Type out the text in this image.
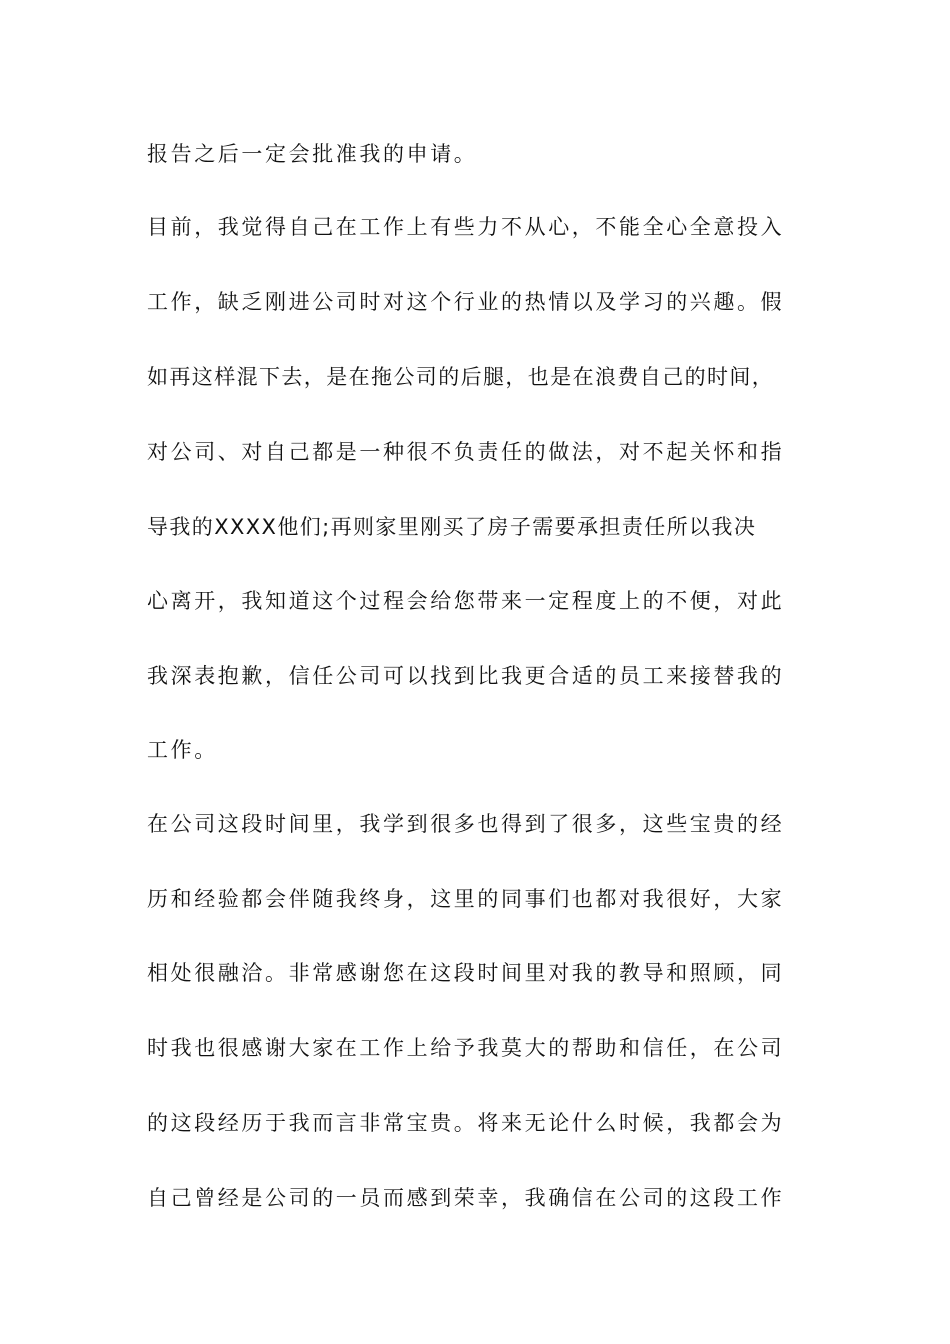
报告之后一定会批准我的申请。
目前，我觉得自己在工作上有些力不从心，不能全心全意投入
工作，缺乏刚进公司时对这个行业的热情以及学习的兴趣。假
如再这样混下去，是在拖公司的后腿，也是在浪费自己的时间，
对公司、对自己都是一种很不负责任的做法，对不起关怀和指
导我的XXXX他们;再则家里刚买了房子需要承担责任所以我决
心离开，我知道这个过程会给您带来一定程度上的不便，对此
我深表抱歉，信任公司可以找到比我更合适的员工来接替我的
工作。
在公司这段时间里，我学到很多也得到了很多，这些宝贵的经
历和经验都会伴随我终身，这里的同事们也都对我很好，大家
相处很融洽。非常感谢您在这段时间里对我的教导和照顾，同
时我也很感谢大家在工作上给予我莫大的帮助和信任，在公司
的这段经历于我而言非常宝贵。将来无论什么时候，我都会为
自己曾经是公司的一员而感到荣幸，我确信在公司的这段工作
